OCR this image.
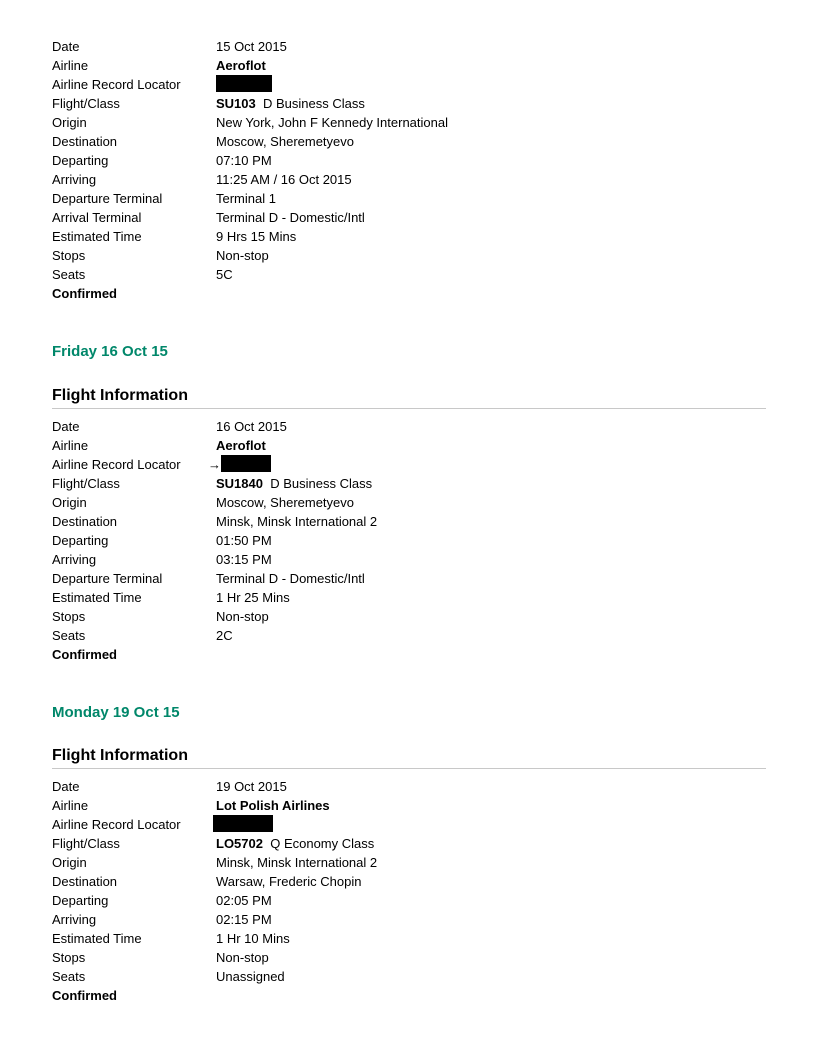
Date	15 Oct 2015
Airline	Aeroflot
Airline Record Locator
Flight/Class	SU103 D Business Class
Origin	New York, John F Kennedy International
Destination	Moscow, Sheremetyevo
Departing	07:10 PM
Arriving	11:25 AM / 16 Oct 2015
Departure Terminal	Terminal 1
Arrival Terminal	Terminal D - Domestic/Intl
Estimated Time	9 Hrs 15 Mins
Stops	Non-stop
Seats	5C
Confirmed
Friday 16 Oct 15
Flight Information
Date	16 Oct 2015
Airline	Aeroflot
Airline Record Locator →
Flight/Class	SU1840 D Business Class
Origin	Moscow, Sheremetyevo
Destination	Minsk, Minsk International 2
Departing	01:50 PM
Arriving	03:15 PM
Departure Terminal	Terminal D - Domestic/Intl
Estimated Time	1 Hr 25 Mins
Stops	Non-stop
Seats	2C
Confirmed
Monday 19 Oct 15
Flight Information
Date	19 Oct 2015
Airline	Lot Polish Airlines
Airline Record Locator
Flight/Class	LO5702 Q Economy Class
Origin	Minsk, Minsk International 2
Destination	Warsaw, Frederic Chopin
Departing	02:05 PM
Arriving	02:15 PM
Estimated Time	1 Hr 10 Mins
Stops	Non-stop
Seats	Unassigned
Confirmed
